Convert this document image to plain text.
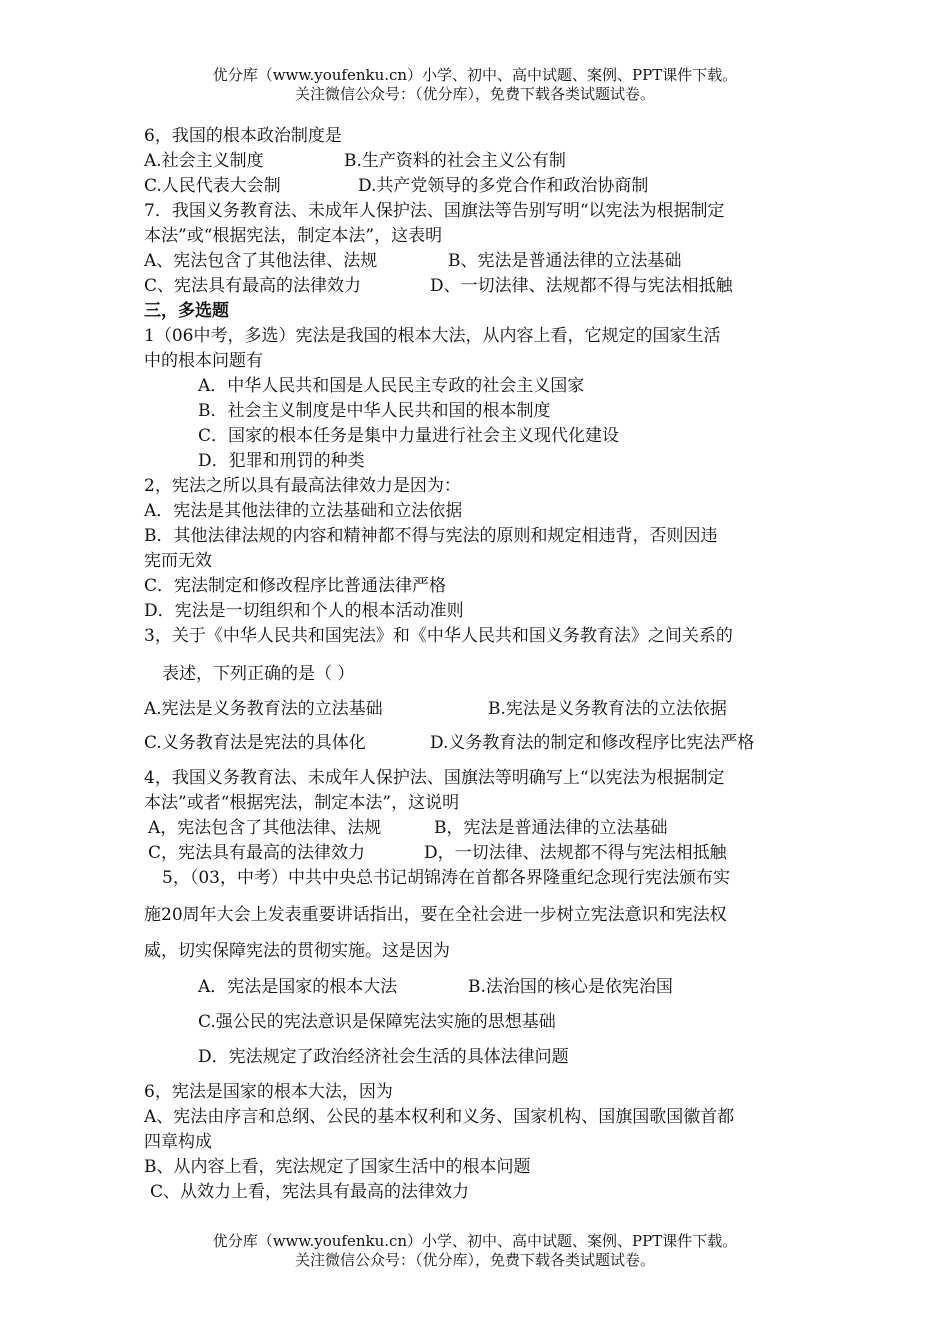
优分库（www.youfenku.cn）小学、初中、高中试题、案例、PPT课件下载。
关注微信公众号：（优分库），免费下载各类试题试卷。
6，我国的根本政治制度是
A.社会主义制度	B.生产资料的社会主义公有制
C.人民代表大会制	D.共产党领导的多党合作和政治协商制
7．我国义务教育法、未成年人保护法、国旗法等告别写明“以宪法为根据制定
本法”或“根据宪法，制定本法”，这表明
A、宪法包含了其他法律、法规	B、宪法是普通法律的立法基础
C、宪法具有最高的法律效力	D、一切法律、法规都不得与宪法相抵触
三，多选题
1（06中考，多选）宪法是我国的根本大法，从内容上看，它规定的国家生活
中的根本问题有
A．中华人民共和国是人民民主专政的社会主义国家
B．社会主义制度是中华人民共和国的根本制度
C．国家的根本任务是集中力量进行社会主义现代化建设
D．犯罪和刑罚的种类
2，宪法之所以具有最高法律效力是因为：
A．宪法是其他法律的立法基础和立法依据
B．其他法律法规的内容和精神都不得与宪法的原则和规定相违背，否则因违
宪而无效
C．宪法制定和修改程序比普通法律严格
D．宪法是一切组织和个人的根本活动准则
3，关于《中华人民共和国宪法》和《中华人民共和国义务教育法》之间关系的
表述，下列正确的是（ ）
A.宪法是义务教育法的立法基础	B.宪法是义务教育法的立法依据
C.义务教育法是宪法的具体化	D.义务教育法的制定和修改程序比宪法严格
4，我国义务教育法、未成年人保护法、国旗法等明确写上“以宪法为根据制定
本法”或者“根据宪法，制定本法”，这说明
A，宪法包含了其他法律、法规	B，宪法是普通法律的立法基础
C，宪法具有最高的法律效力	D，一切法律、法规都不得与宪法相抵触
5，（03，中考）中共中央总书记胡锦涛在首都各界隆重纪念现行宪法颁布实
施20周年大会上发表重要讲话指出，要在全社会进一步树立宪法意识和宪法权
威，切实保障宪法的贯彻实施。这是因为
A．宪法是国家的根本大法	B.法治国的核心是依宪治国
C.强公民的宪法意识是保障宪法实施的思想基础
D．宪法规定了政治经济社会生活的具体法律问题
6，宪法是国家的根本大法，因为
A、宪法由序言和总纲、公民的基本权利和义务、国家机构、国旗国歌国徽首都
四章构成
B、从内容上看，宪法规定了国家生活中的根本问题
C、从效力上看，宪法具有最高的法律效力
优分库（www.youfenku.cn）小学、初中、高中试题、案例、PPT课件下载。
关注微信公众号：（优分库），免费下载各类试题试卷。
